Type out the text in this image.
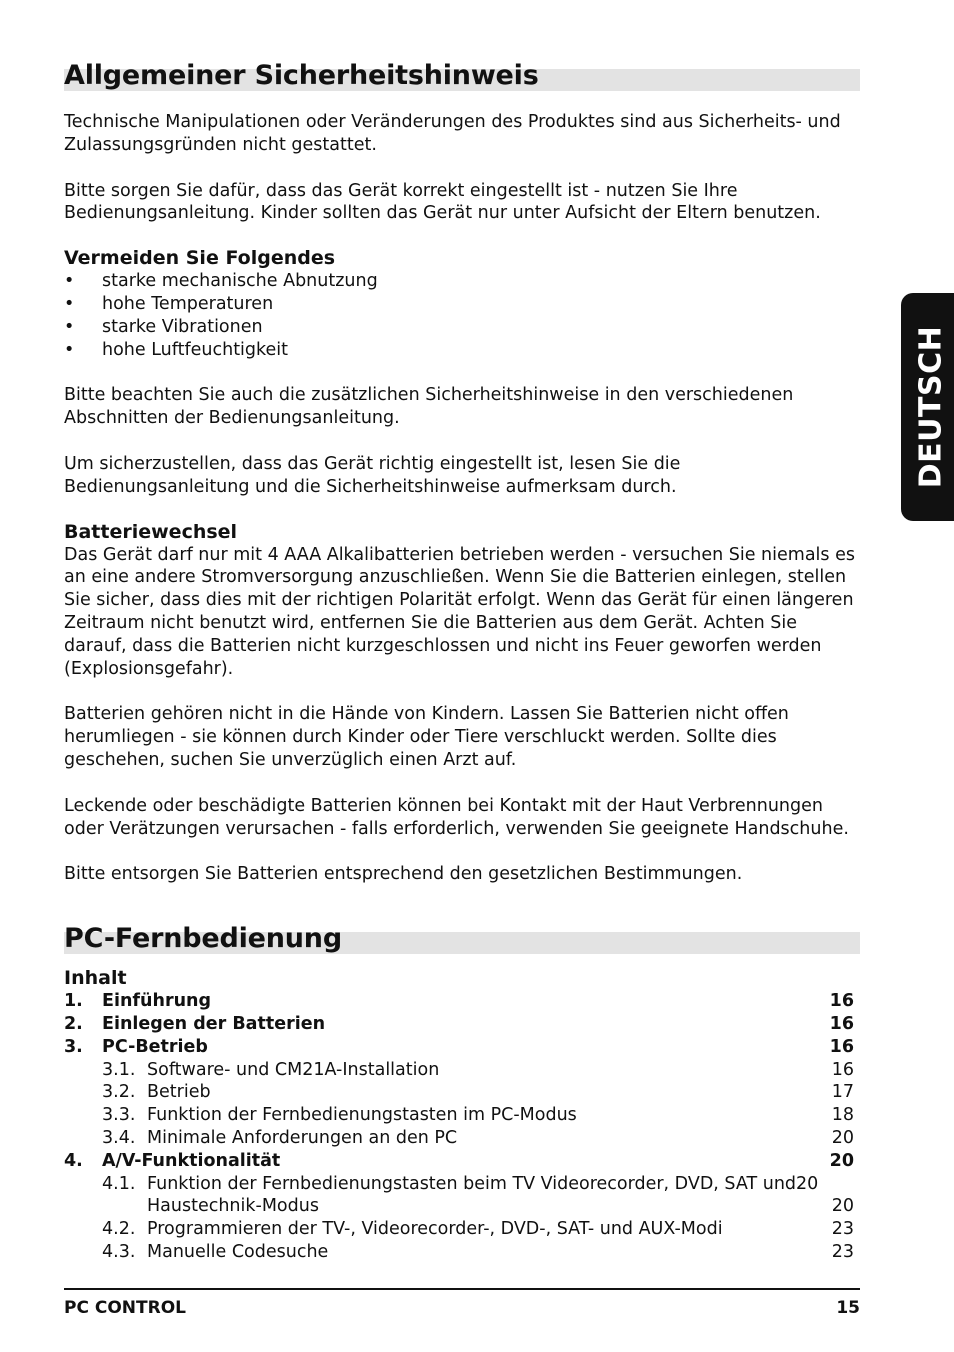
Allgemeiner Sicherheitshinweis

Technische Manipulationen oder Veränderungen des Produktes sind aus Sicherheits- und Zulassungsgründen nicht gestattet.

Bitte sorgen Sie dafür, dass das Gerät korrekt eingestellt ist - nutzen Sie Ihre Bedienungsanleitung. Kinder sollten das Gerät nur unter Aufsicht der Eltern benutzen.

Vermeiden Sie Folgendes
• starke mechanische Abnutzung
• hohe Temperaturen
• starke Vibrationen
• hohe Luftfeuchtigkeit

Bitte beachten Sie auch die zusätzlichen Sicherheitshinweise in den verschiedenen Abschnitten der Bedienungsanleitung.

Um sicherzustellen, dass das Gerät richtig eingestellt ist, lesen Sie die Bedienungsanleitung und die Sicherheitshinweise aufmerksam durch.

Batteriewechsel

Das Gerät darf nur mit 4 AAA Alkalibatterien betrieben werden - versuchen Sie niemals es an eine andere Stromversorgung anzuschließen. Wenn Sie die Batterien einlegen, stellen Sie sicher, dass dies mit der richtigen Polarität erfolgt. Wenn das Gerät für einen längeren Zeitraum nicht benutzt wird, entfernen Sie die Batterien aus dem Gerät. Achten Sie darauf, dass die Batterien nicht kurzgeschlossen und nicht ins Feuer geworfen werden (Explosionsgefahr).

Batterien gehören nicht in die Hände von Kindern. Lassen Sie Batterien nicht offen herumliegen - sie können durch Kinder oder Tiere verschluckt werden. Sollte dies geschehen, suchen Sie unverzüglich einen Arzt auf.

Leckende oder beschädigte Batterien können bei Kontakt mit der Haut Verbrennungen oder Verätzungen verursachen - falls erforderlich, verwenden Sie geeignete Handschuhe.

Bitte entsorgen Sie Batterien entsprechend den gesetzlichen Bestimmungen.

PC-Fernbedienung
Inhalt
1.	Einführung	16
2.	Einlegen der Batterien	16
3.	PC-Betrieb	16
3.1. Software- und CM21A-Installation	16
3.2. Betrieb	17
3.3. Funktion der Fernbedienungstasten im PC-Modus	18
3.4. Minimale Anforderungen an den PC	20
4.	A/V-Funktionalität	20
4.1. Funktion der Fernbedienungstasten beim TV Videorecorder, DVD, SAT und20
Haustechnik-Modus	20
4.2. Programmieren der TV-, Videorecorder-, DVD-, SAT- und AUX-Modi	23
4.3. Manuelle Codesuche	23
DEUTSCH
PC CONTROL	15
